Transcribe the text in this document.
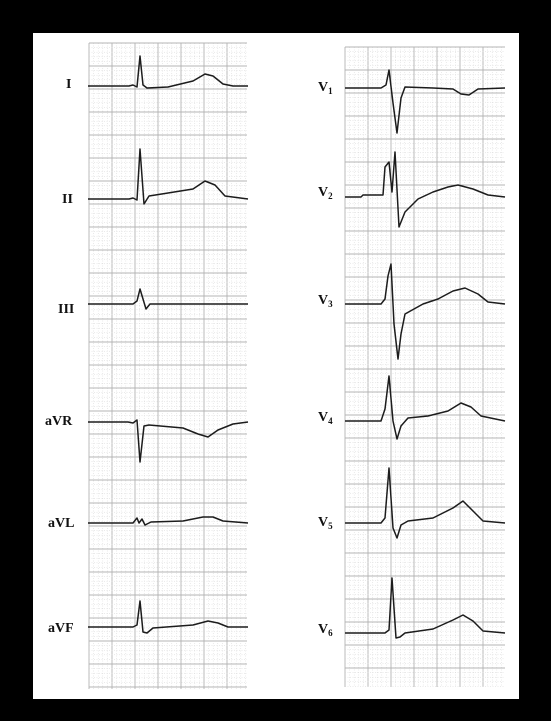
I
II
III
aVR
aVL
aVF
$V_1$
$V_2$
$V_3$
$V_4$
$V_5$
$V_6$
